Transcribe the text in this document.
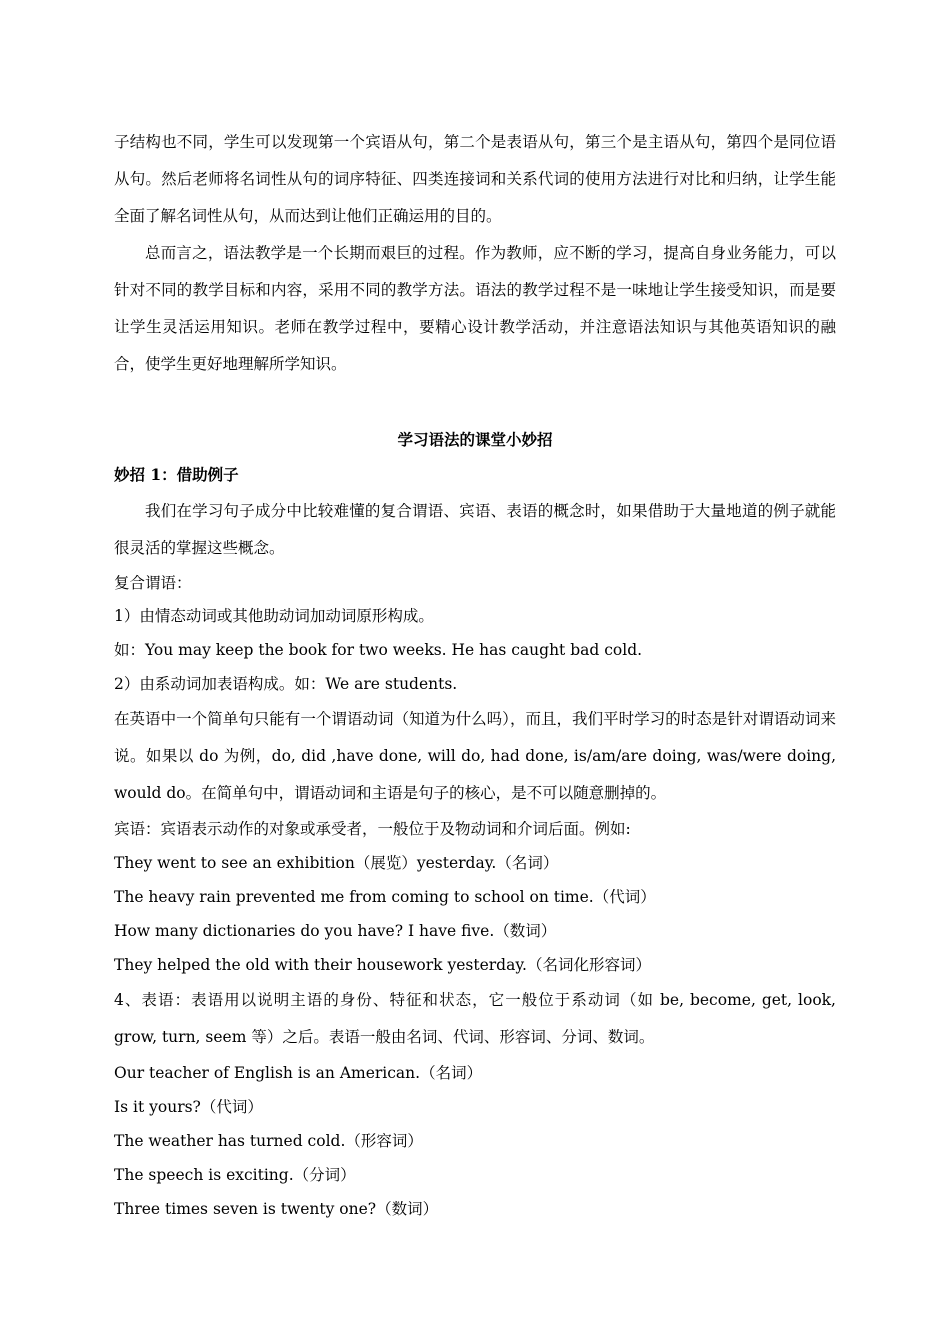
子结构也不同，学生可以发现第一个宾语从句，第二个是表语从句，第三个是主语从句，第四个是同位语从句。然后老师将名词性从句的词序特征、四类连接词和关系代词的使用方法进行对比和归纳，让学生能全面了解名词性从句，从而达到让他们正确运用的目的。

总而言之，语法教学是一个长期而艰巨的过程。作为教师，应不断的学习，提高自身业务能力，可以针对不同的教学目标和内容，采用不同的教学方法。语法的教学过程不是一味地让学生接受知识，而是要让学生灵活运用知识。老师在教学过程中，要精心设计教学活动，并注意语法知识与其他英语知识的融合，使学生更好地理解所学知识。

学习语法的课堂小妙招

妙招 1：借助例子

我们在学习句子成分中比较难懂的复合谓语、宾语、表语的概念时，如果借助于大量地道的例子就能很灵活的掌握这些概念。

复合谓语：

1）由情态动词或其他助动词加动词原形构成。

如：You may keep the book for two weeks. He has caught bad cold.

2）由系动词加表语构成。如：We are students.

在英语中一个简单句只能有一个谓语动词（知道为什么吗），而且，我们平时学习的时态是针对谓语动词来说。如果以 do 为例，do, did ,have done, will do, had done, is/am/are doing, was/were doing, would do。在简单句中，谓语动词和主语是句子的核心，是不可以随意删掉的。

宾语：宾语表示动作的对象或承受者，一般位于及物动词和介词后面。例如:

They went to see an exhibition（展览）yesterday.（名词）

The heavy rain prevented me from coming to school on time.（代词）

How many dictionaries do you have? I have five.（数词）

They helped the old with their housework yesterday.（名词化形容词）

4、表语：表语用以说明主语的身份、特征和状态，它一般位于系动词（如 be, become, get, look, grow, turn, seem 等）之后。表语一般由名词、代词、形容词、分词、数词。

Our teacher of English is an American.（名词）

Is it yours?（代词）

The weather has turned cold.（形容词）

The speech is exciting.（分词）

Three times seven is twenty one?（数词）
